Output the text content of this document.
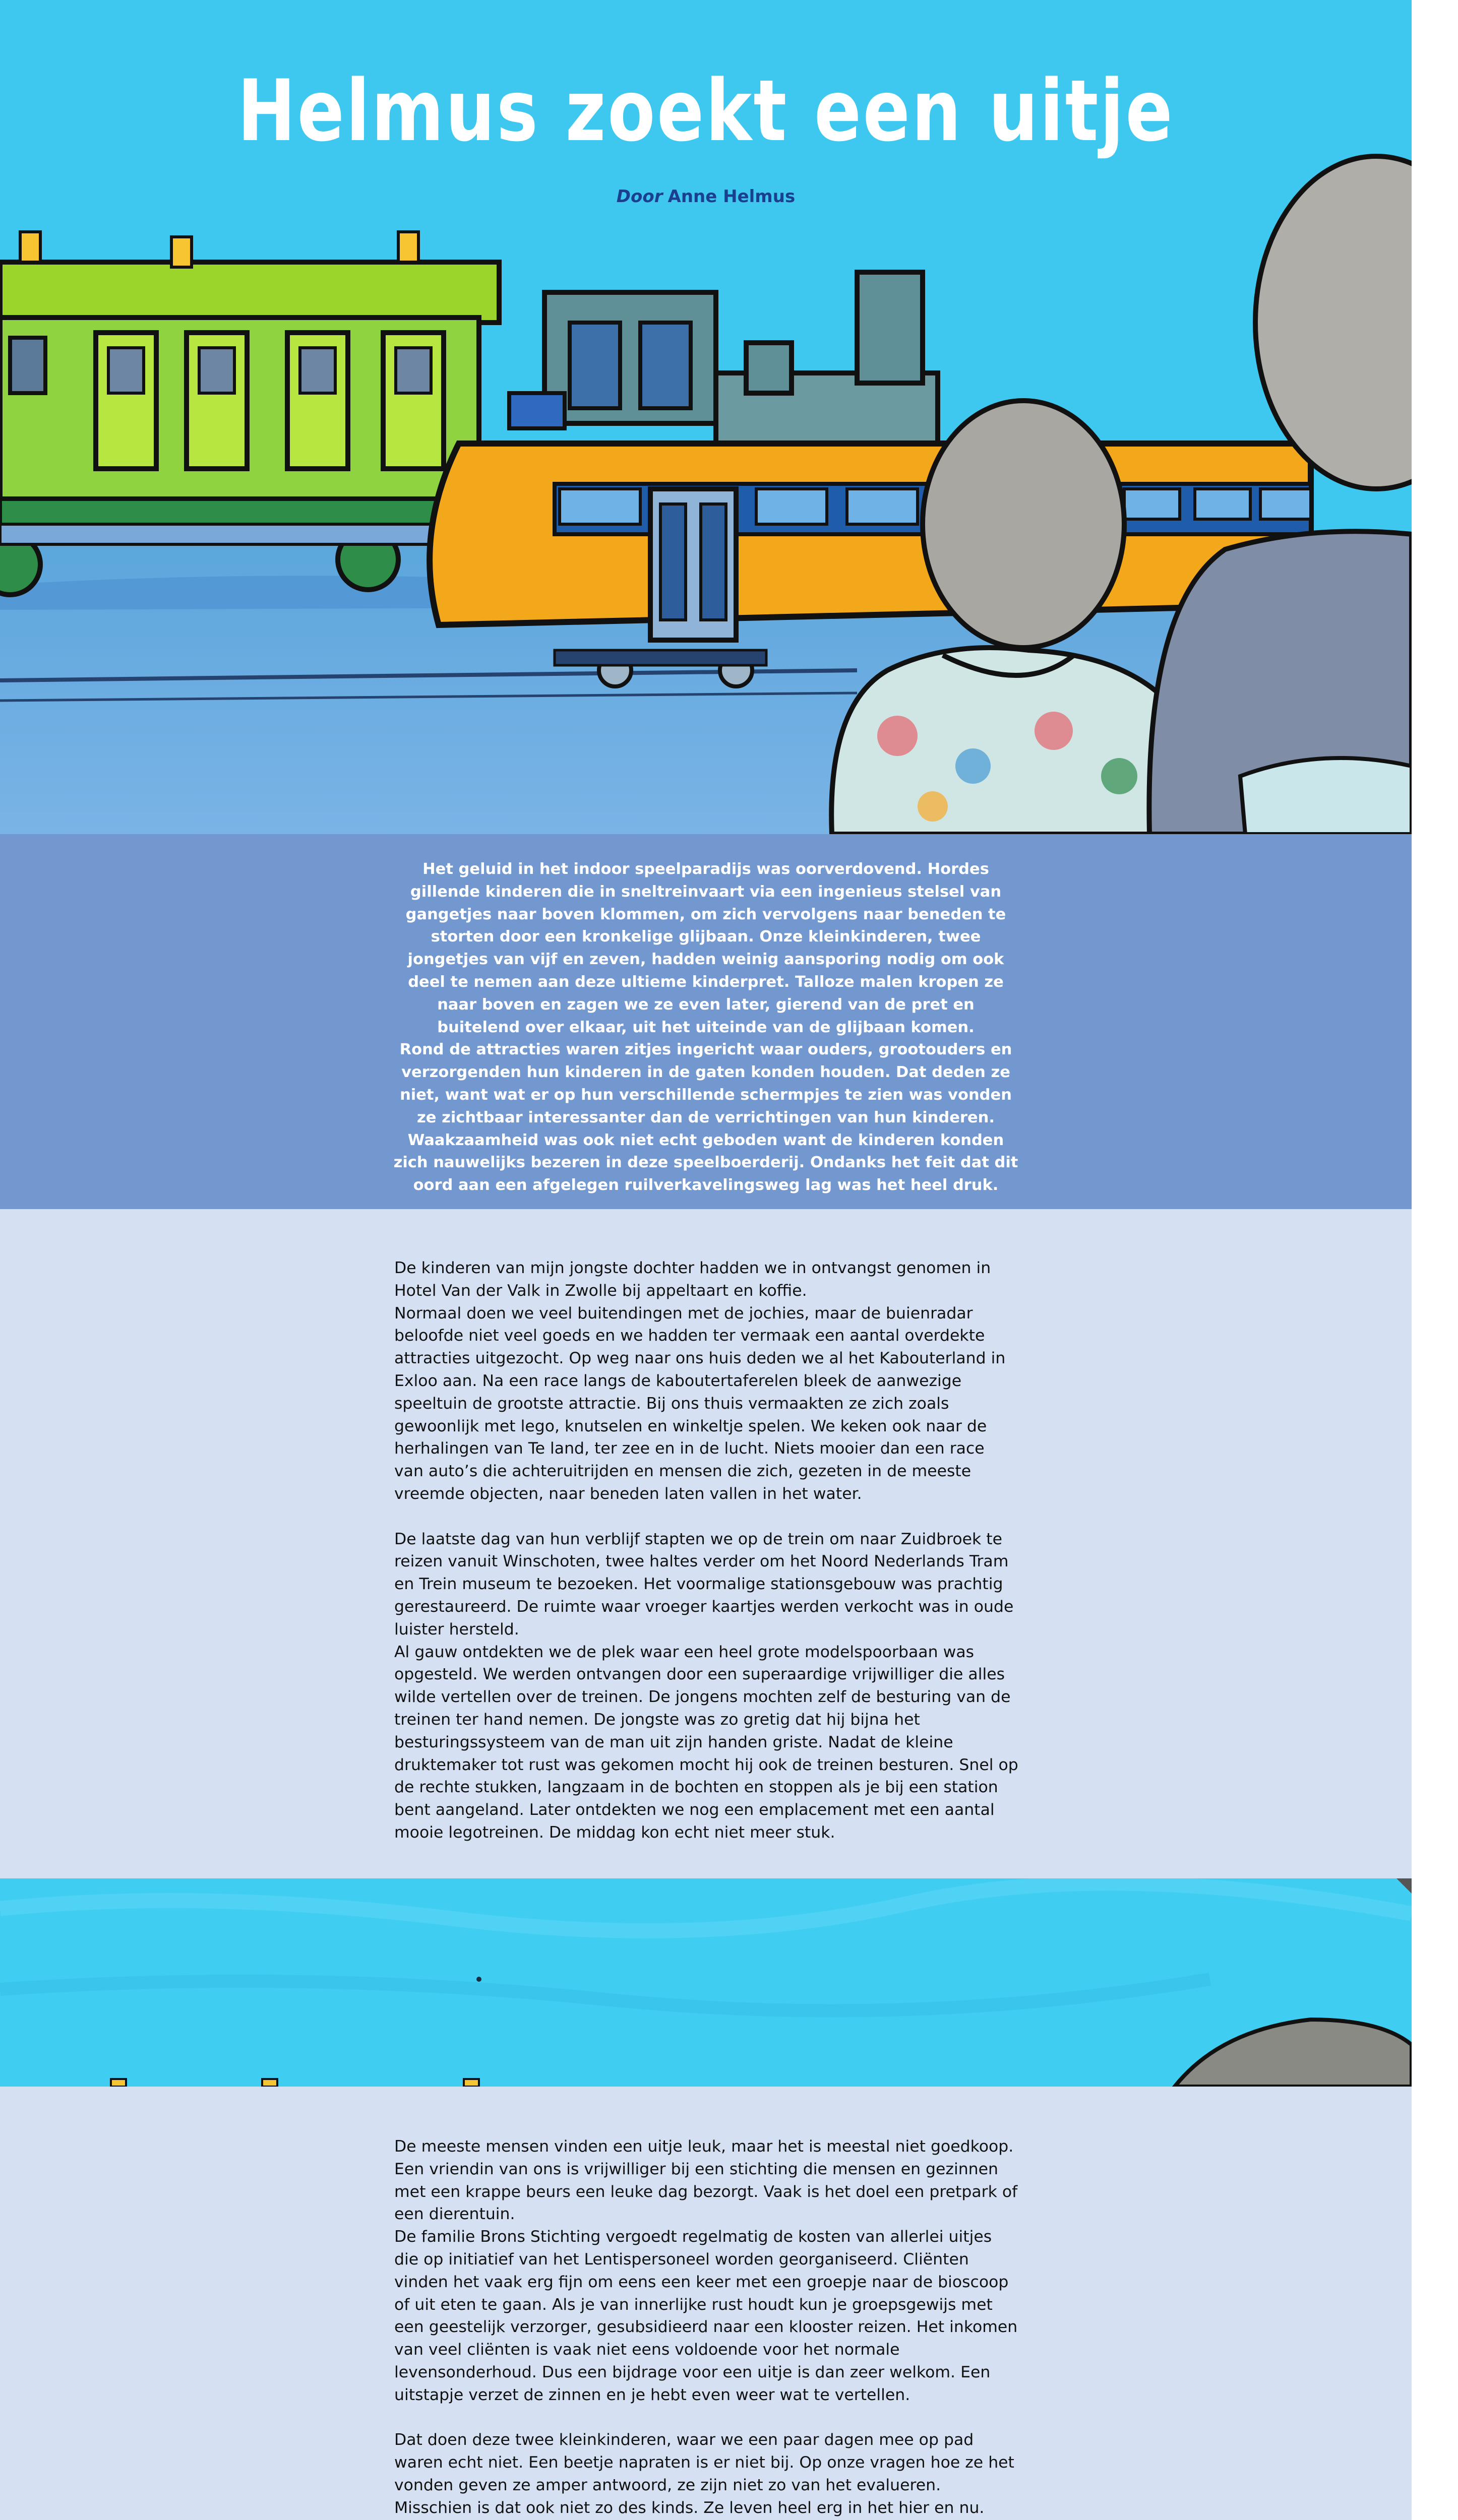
Helmus zoekt een uitje

Door Anne Helmus

Het geluid in het indoor speelparadijs was oorverdovend. Hordes gillende kinderen die in sneltreinvaart via een ingenieus stelsel van gangetjes naar boven klommen, om zich vervolgens naar beneden te storten door een kronkelige glijbaan. Onze kleinkinderen, twee jongetjes van vijf en zeven, hadden weinig aansporing nodig om ook deel te nemen aan deze ultieme kinderpret. Talloze malen kropen ze naar boven en zagen we ze even later, gierend van de pret en buitelend over elkaar, uit het uiteinde van de glijbaan komen.

Rond de attracties waren zitjes ingericht waar ouders, grootouders en verzorgenden hun kinderen in de gaten konden houden. Dat deden ze niet, want wat er op hun verschillende schermpjes te zien was vonden ze zichtbaar interessanter dan de verrichtingen van hun kinderen. Waakzaamheid was ook niet echt geboden want de kinderen konden zich nauwelijks bezeren in deze speelboerderij. Ondanks het feit dat dit oord aan een afgelegen ruilverkavelingsweg lag was het heel druk.

De kinderen van mijn jongste dochter hadden we in ontvangst genomen in Hotel Van der Valk in Zwolle bij appeltaart en koffie.

Normaal doen we veel buitendingen met de jochies, maar de buienradar beloofde niet veel goeds en we hadden ter vermaak een aantal overdekte attracties uitgezocht. Op weg naar ons huis deden we al het Kabouterland in Exloo aan. Na een race langs de kaboutertaferelen bleek de aanwezige speeltuin de grootste attractie. Bij ons thuis vermaakten ze zich zoals gewoonlijk met lego, knutselen en winkeltje spelen. We keken ook naar de herhalingen van Te land, ter zee en in de lucht. Niets mooier dan een race van auto’s die achteruitrijden en mensen die zich, gezeten in de meeste vreemde objecten, naar beneden laten vallen in het water.

De laatste dag van hun verblijf stapten we op de trein om naar Zuidbroek te reizen vanuit Winschoten, twee haltes verder om het Noord Nederlands Tram en Trein museum te bezoeken. Het voormalige stationsgebouw was prachtig gerestaureerd. De ruimte waar vroeger kaartjes werden verkocht was in oude luister hersteld.

Al gauw ontdekten we de plek waar een heel grote modelspoorbaan was opgesteld. We werden ontvangen door een superaardige vrijwilliger die alles wilde vertellen over de treinen. De jongens mochten zelf de besturing van de treinen ter hand nemen. De jongste was zo gretig dat hij bijna het besturingssysteem van de man uit zijn handen griste. Nadat de kleine druktemaker tot rust was gekomen mocht hij ook de treinen besturen. Snel op de rechte stukken, langzaam in de bochten en stoppen als je bij een station bent aangeland. Later ontdekten we nog een emplacement met een aantal mooie legotreinen. De middag kon echt niet meer stuk.

De meeste mensen vinden een uitje leuk, maar het is meestal niet goedkoop. Een vriendin van ons is vrijwilliger bij een stichting die mensen en gezinnen met een krappe beurs een leuke dag bezorgt. Vaak is het doel een pretpark of een dierentuin.

De familie Brons Stichting vergoedt regelmatig de kosten van allerlei uitjes die op initiatief van het Lentispersoneel worden georganiseerd. Cliënten vinden het vaak erg fijn om eens een keer met een groepje naar de bioscoop of uit eten te gaan. Als je van innerlijke rust houdt kun je groepsgewijs met een geestelijk verzorger, gesubsidieerd naar een klooster reizen. Het inkomen van veel cliënten is vaak niet eens voldoende voor het normale levensonderhoud. Dus een bijdrage voor een uitje is dan zeer welkom. Een uitstapje verzet de zinnen en je hebt even weer wat te vertellen.

Dat doen deze twee kleinkinderen, waar we een paar dagen mee op pad waren echt niet. Een beetje napraten is er niet bij. Op onze vragen hoe ze het vonden geven ze amper antwoord, ze zijn niet zo van het evalueren. Misschien is dat ook niet zo des kinds. Ze leven heel erg in het hier en nu.
